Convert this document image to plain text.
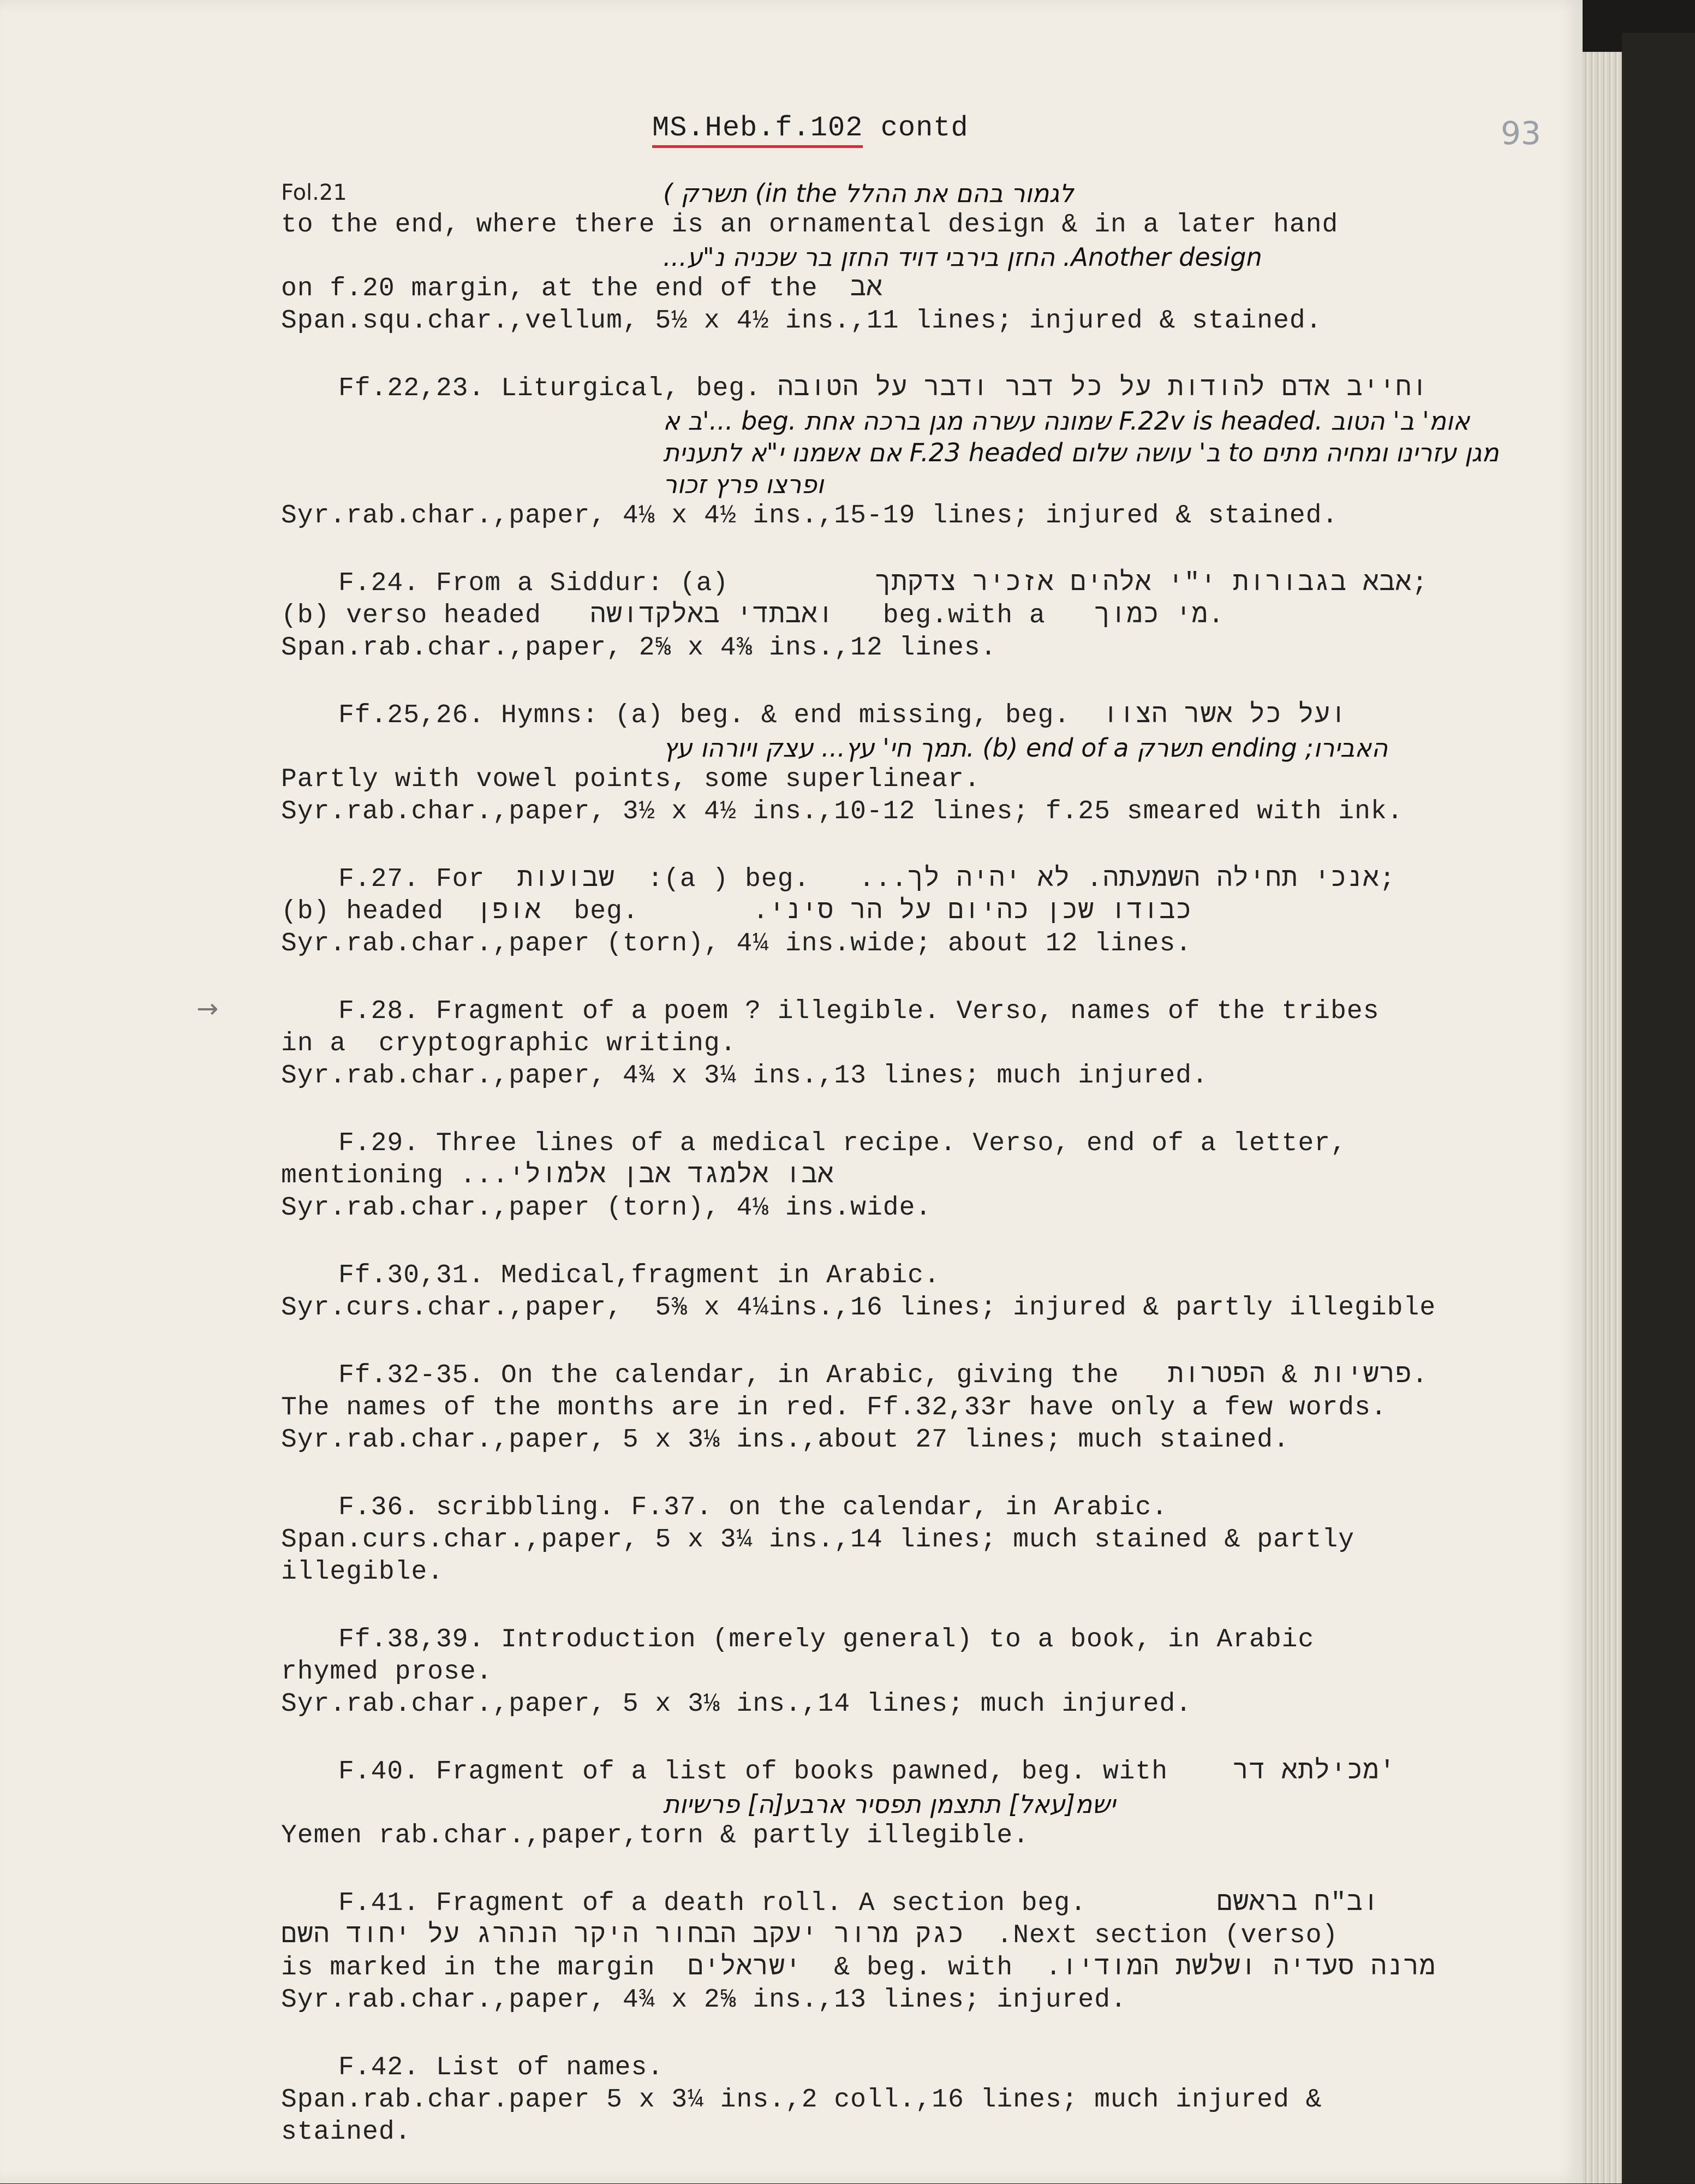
MS.Heb.f.102 contd	93
Fol.21
→
( תשרק (in the לגמור בהם את ההלל
to the end, where there is an ornamental design & in a later hand
...החזן בירבי דויד החזן בר שכניה נ"ע .Another design
on f.20 margin, at the end of the  אב
Span.squ.char.,vellum, 5½ x 4½ ins.,11 lines; injured & stained.
Ff.22,23. Liturgical, beg. וחייב אדם להודות על כל דבר ודבר על הטובה
ב א'... beg. שמונה עשרה מגן ברכה אחת F.22v is headed. אומ' ב' הטוב
אם אשמנו י"א לתענית F.23 headed ב' עושה שלום to מגן עזרינו ומחיה מתים
ופרצו פרץ זכור
Syr.rab.char.,paper, 4⅛ x 4½ ins.,15-19 lines; injured & stained.
F.24. From a Siddur: (a)         אבא בגבורות י"י אלהים אזכיר צדקתך;
(b) verso headed   ואבתדי באלקדושה   beg.with a   מי כמוך.
Span.rab.char.,paper, 2⅝ x 4⅜ ins.,12 lines.
Ff.25,26. Hymns: (a) beg. & end missing, beg.  ועל כל אשר הצוו
תמך חי' עץ... עצק ויורהו עץ. (b) end of a תשרק ending ;האבירו
Partly with vowel points, some superlinear.
Syr.rab.char.,paper, 3½ x 4½ ins.,10-12 lines; f.25 smeared with ink.
F.27. For  שבועות  :(a ) beg.   ...אנכי תחילה השמעתה. לא יהיה לך;
(b) headed  אופן  beg.       .כבודו שכן כהיום על הר סיני
Syr.rab.char.,paper (torn), 4¼ ins.wide; about 12 lines.
F.28. Fragment of a poem ? illegible. Verso, names of the tribes
in a  cryptographic writing.
Syr.rab.char.,paper, 4¾ x 3¼ ins.,13 lines; much injured.
F.29. Three lines of a medical recipe. Verso, end of a letter,
mentioning ...אבו אלמגד אבן אלמולי
Syr.rab.char.,paper (torn), 4⅛ ins.wide.
Ff.30,31. Medical,fragment in Arabic.
Syr.curs.char.,paper,  5⅜ x 4¼ins.,16 lines; injured & partly illegible
Ff.32-35. On the calendar, in Arabic, giving the   פרשיות & הפטרות.
The names of the months are in red. Ff.32,33r have only a few words.
Syr.rab.char.,paper, 5 x 3⅛ ins.,about 27 lines; much stained.
F.36. scribbling. F.37. on the calendar, in Arabic.
Span.curs.char.,paper, 5 x 3¼ ins.,14 lines; much stained & partly
illegible.
Ff.38,39. Introduction (merely general) to a book, in Arabic
rhymed prose.
Syr.rab.char.,paper, 5 x 3⅛ ins.,14 lines; much injured.
F.40. Fragment of a list of books pawned, beg. with    מכילתא דר'
ישמ[עאל] תתצמן תפסיר ארבע[ה] פרשיות
Yemen rab.char.,paper,torn & partly illegible.
F.41. Fragment of a death roll. A section beg.        וב"ח בראשם
כגק מרור יעקב הבחור היקר הנהרג על יחוד השם  .Next section (verso)
is marked in the margin  ישראלים  & beg. with  .מרנה סעדיה ושלשת המודיו
Syr.rab.char.,paper, 4¾ x 2⅝ ins.,13 lines; injured.
F.42. List of names.
Span.rab.char.paper 5 x 3¼ ins.,2 coll.,16 lines; much injured &
stained.
